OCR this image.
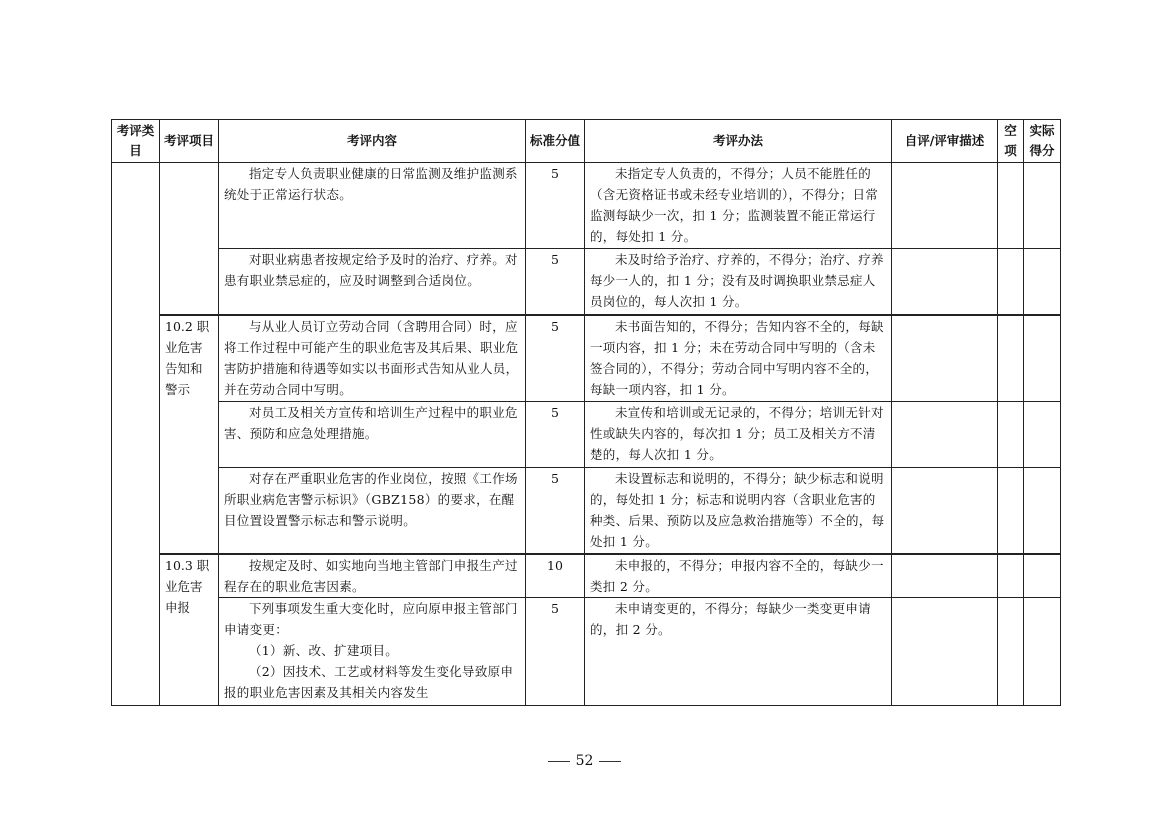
考评类目	考评项目	考评内容	标准分值	考评办法	自评/评审描述	空项	实际得分
		指定专人负责职业健康的日常监测及维护监测系统处于正常运行状态。	5	未指定专人负责的，不得分；人员不能胜任的（含无资格证书或未经专业培训的），不得分；日常监测每缺少一次，扣 1 分；监测装置不能正常运行的，每处扣 1 分。			
		对职业病患者按规定给予及时的治疗、疗养。对患有职业禁忌症的，应及时调整到合适岗位。	5	未及时给予治疗、疗养的，不得分；治疗、疗养每少一人的，扣 1 分；没有及时调换职业禁忌症人员岗位的，每人次扣 1 分。			
	10.2 职业危害告知和警示	与从业人员订立劳动合同（含聘用合同）时，应将工作过程中可能产生的职业危害及其后果、职业危害防护措施和待遇等如实以书面形式告知从业人员，并在劳动合同中写明。	5	未书面告知的，不得分；告知内容不全的，每缺一项内容，扣 1 分；未在劳动合同中写明的（含未签合同的），不得分；劳动合同中写明内容不全的，每缺一项内容，扣 1 分。			
		对员工及相关方宣传和培训生产过程中的职业危害、预防和应急处理措施。	5	未宣传和培训或无记录的，不得分；培训无针对性或缺失内容的，每次扣 1 分；员工及相关方不清楚的，每人次扣 1 分。			
		对存在严重职业危害的作业岗位，按照《工作场所职业病危害警示标识》（GBZ158）的要求，在醒目位置设置警示标志和警示说明。	5	未设置标志和说明的，不得分；缺少标志和说明的，每处扣 1 分；标志和说明内容（含职业危害的种类、后果、预防以及应急救治措施等）不全的，每处扣 1 分。			
	10.3 职业危害申报	按规定及时、如实地向当地主管部门申报生产过程存在的职业危害因素。	10	未申报的，不得分；申报内容不全的，每缺少一类扣 2 分。			

		下列事项发生重大变化时，应向原申报主管部门申请变更：
（1）新、改、扩建项目。
（2）因技术、工艺或材料等发生变化导致原申报的职业危害因素及其相关内容发生	5	未申请变更的，不得分；每缺少一类变更申请的，扣 2 分。			
52
